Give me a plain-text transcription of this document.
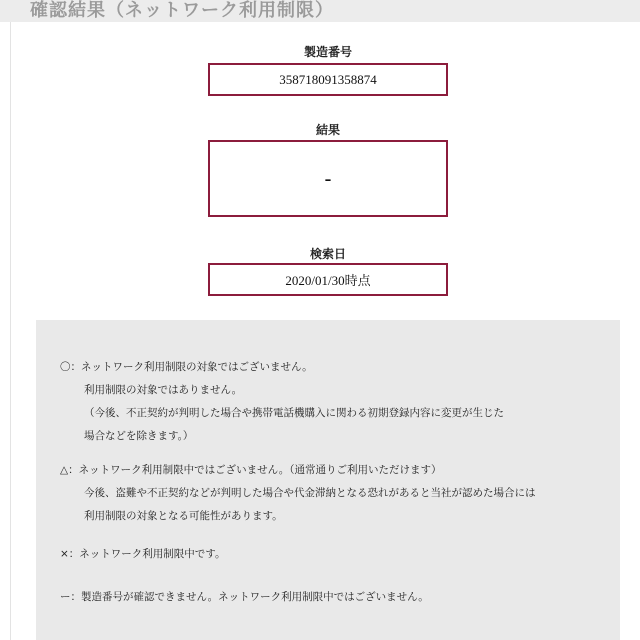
確認結果（ネットワーク利用制限）
製造番号
358718091358874
結果
-
検索日
2020/01/30時点
〇：ネットワーク利用制限の対象ではございません。
利用制限の対象ではありません。
（今後、不正契約が判明した場合や携帯電話機購入に関わる初期登録内容に変更が生じた
場合などを除きます。）
△：ネットワーク利用制限中ではございません。（通常通りご利用いただけます）
今後、盗難や不正契約などが判明した場合や代金滞納となる恐れがあると当社が認めた場合には
利用制限の対象となる可能性があります。
×：ネットワーク利用制限中です。
ー：製造番号が確認できません。ネットワーク利用制限中ではございません。
